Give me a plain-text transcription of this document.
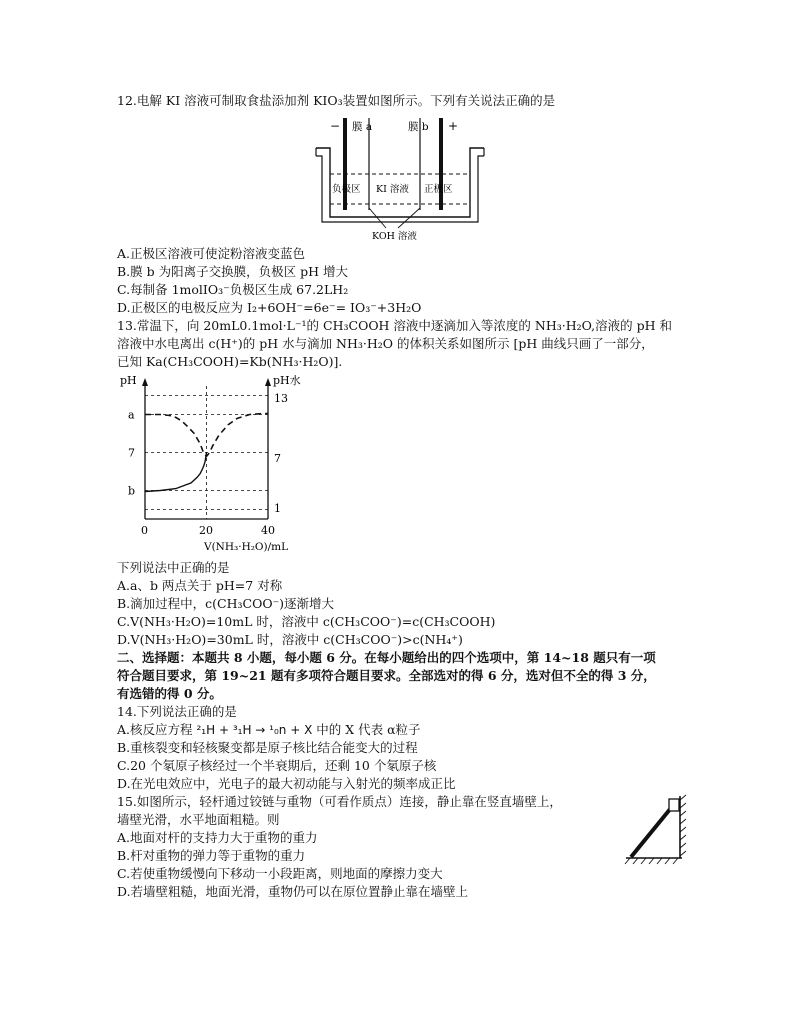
12.电解 KI 溶液可制取食盐添加剂 KIO₃装置如图所示。下列有关说法正确的是
−	+
膜 a	膜 b
负极区 KI 溶液 正极区
KOH 溶液
A.正极区溶液可使淀粉溶液变蓝色
B.膜 b 为阳离子交换膜，负极区 pH 增大
C.每制备 1molIO₃⁻负极区生成 67.2LH₂
D.正极区的电极反应为 I₂+6OH⁻=6e⁻= IO₃⁻+3H₂O
13.常温下，向 20mL0.1mol·L⁻¹的 CH₃COOH 溶液中逐滴加入等浓度的 NH₃·H₂O,溶液的 pH 和
溶液中水电离出 c(H⁺)的 pH 水与滴加 NH₃·H₂O 的体积关系如图所示 [pH 曲线只画了一部分，
已知 Ka(CH₃COOH)=Kb(NH₃·H₂O)].
pH	pH水
a
7
b
13
7
1
0	20	40
V(NH₃·H₂O)/mL
下列说法中正确的是
A.a、b 两点关于 pH=7 对称
B.滴加过程中，c(CH₃COO⁻)逐渐增大
C.V(NH₃·H₂O)=10mL 时，溶液中 c(CH₃COO⁻)=c(CH₃COOH)
D.V(NH₃·H₂O)=30mL 时，溶液中 c(CH₃COO⁻)>c(NH₄⁺)
二、选择题：本题共 8 小题，每小题 6 分。在每小题给出的四个选项中，第 14~18 题只有一项
符合题目要求，第 19~21 题有多项符合题目要求。全部选对的得 6 分，选对但不全的得 3 分，
有选错的得 0 分。
14.下列说法正确的是
A.核反应方程 ²₁H + ³₁H → ¹₀n + X 中的 X 代表 α粒子
B.重核裂变和轻核聚变都是原子核比结合能变大的过程
C.20 个氡原子核经过一个半衰期后，还剩 10 个氡原子核
D.在光电效应中，光电子的最大初动能与入射光的频率成正比
15.如图所示，轻杆通过铰链与重物（可看作质点）连接，静止靠在竖直墙壁上，
墙壁光滑，水平地面粗糙。则
A.地面对杆的支持力大于重物的重力
B.杆对重物的弹力等于重物的重力
C.若使重物缓慢向下移动一小段距离，则地面的摩擦力变大
D.若墙壁粗糙，地面光滑，重物仍可以在原位置静止靠在墙壁上
